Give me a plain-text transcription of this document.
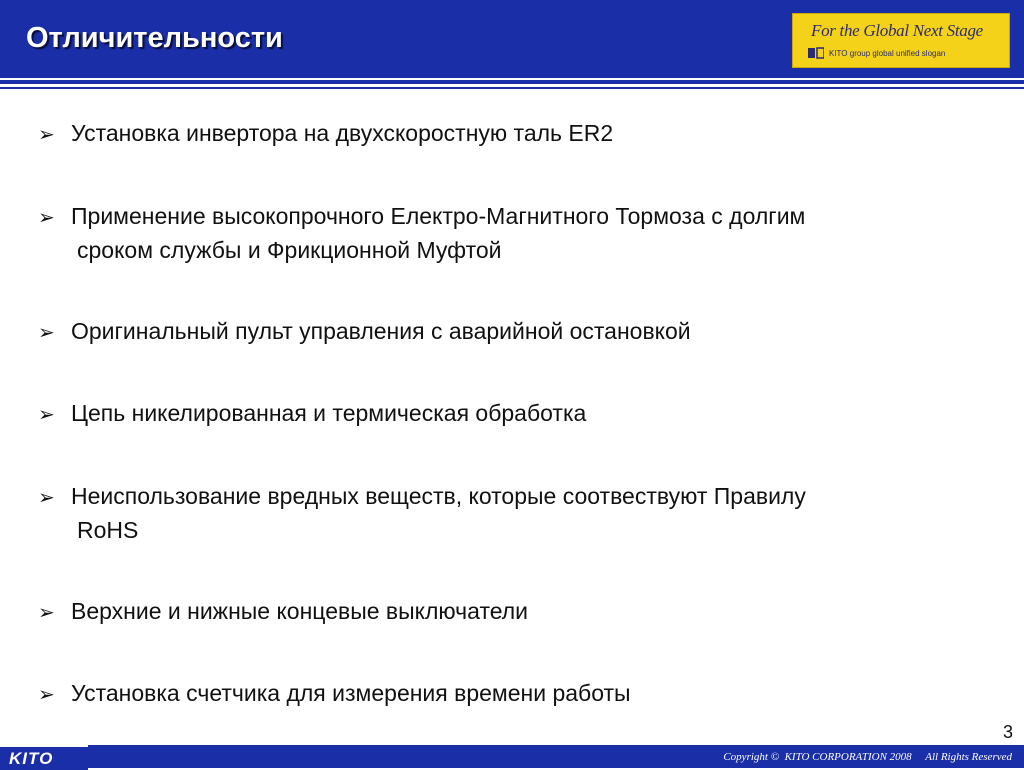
Отличительности	For the Global Next Stage
KITO group global unified slogan
➢ Установка инвертора на двухскоростную таль ER2
➢ Применение высокопрочного Електро-Магнитного Тормоза с долгим
сроком службы и Фрикционной Муфтой
➢ Оригинальный пульт управления с аварийной остановкой
➢ Цепь никелированная и термическая обработка
➢ Неиспользование вредных веществ, которые соотвествуют Правилу
RoHS
➢ Верхние и нижные концевые выключатели
➢ Установка счетчика для измерения времени работы
3
KITO	Copyright ©  KITO CORPORATION 2008     All Rights Reserved
